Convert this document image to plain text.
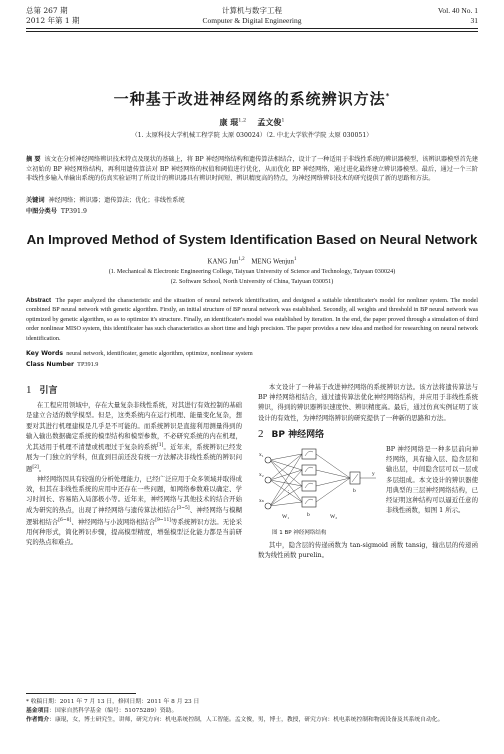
总第 267 期
2012 年第 1 期
计算机与数字工程
Computer & Digital Engineering
Vol. 40 No. 1
31
一种基于改进神经网络的系统辨识方法*
康 琨$^{1,2}$ 孟文俊$^1$
（1. 太原科技大学机械工程学院 太原 030024）（2. 中北大学软件学院 太原 030051）
摘 要 该文在分析神经网络辨识技术特点及现状的基础上，将 BP 神经网络结构和遗传算法相结合，设计了一种适用于非线性系统的辨识器模型，该辨识器模型首先建立初始的 BP 神经网络结构，再利用遗传算法对 BP 神经网络的权值和阈值进行优化，从而优化 BP 神经网络，通过进化最终建立辨识器模型。最后，通过一个三阶非线性多输入单输出系统的仿真实验证明了所设计的辨识器具有辨识时间短、辨识精度高的特点，为神经网络辨识技术的研究提供了新的思路和方法。
关键词 神经网络；辨识器；遗传算法；优化；非线性系统
中图分类号 TP391.9
An Improved Method of System Identification Based on Neural Network
KANG Jun$^{1,2}$ MENG Wenjun$^1$
(1. Mechanical & Electronic Engineering College, Taiyuan University of Science and Technology, Taiyuan 030024)
(2. Software School, North University of China, Taiyuan 030051)
Abstract The paper analyzed the characteristic and the situation of neural network identification, and designed a suitable identificater's model for nonliner system. The model combined BP neural network with genetic algorithm. Firstly, an initial structure of BP neural network was established. Secondly, all weights and threshold in BP neural network was optimized by genetic algorithm, so as to optimize it's structure. Finally, an identificater's model was established by iteration. In the end, the paper proved through a simulation of third order nonlinear MISO system, this identificater has such characteristics as short time and high precision. The paper provides a new idea and method for researching on neural network identification.
Key Words neural network, identificater, genetic algorithm, optimize, nonlinear system
Class Number TP391.9
1 引言
在工程应用领域中，存在大量复杂非线性系统，对其进行有效控制的基础是建立合适的数学模型。但是，这类系统内在运行机理、能量变化复杂，想要对其进行机理建模是几乎是不可能的。而系统辨识是直接利用测量得到的输入输出数据确定系统的模型结构和模型参数，不必研究系统的内在机理，尤其适用于机理不清楚或机理过于复杂的系统[1]。近年来，系统辨识已经发展为一门独立的学科，但直到目前还没有统一方法解决非线性系统的辨识问题[2]。
神经网络因具有较强的分析处理能力，已经广泛应用于众多领域并取得成效，但其在非线性系统的应用中还存在一些问题，如网络参数难以确定、学习时间长、容易陷入局部极小等。近年来，神经网络与其他技术的结合开始成为研究的热点，出现了神经网络与遗传算法相结合[3~5]、神经网络与模糊逻辑相结合[6~8]、神经网络与小波网络相结合[9~11]等系统辨识方法。无论采用何种形式，简化辨识步骤，提高模型精度，增强模型泛化能力都是当前研究的热点和难点。
本文设计了一种基于改进神经网络的系统辨识方法。该方法将遗传算法与 BP 神经网络相结合，通过遗传算法优化神经网络结构，并应用于非线性系统辨识，得到的辨识器辨识速度快、辨识精度高。最后，通过仿真实例证明了该设计的有效性，为神经网络辨识的研究提供了一种新的思路和方法。
2 BP 神经网络
x₁
x₂
xₙ
y
W₁	W₂
b
b
⋮
图 1 BP 神经网络结构
BP 神经网络是一种多层前向神经网络，具有输入层、隐含层和输出层，中间隐含层可以一层或多层组成。本文设计的辨识器使用典型的三层神经网络结构，已经证明这种结构可以逼近任意的非线性函数，如图 1 所示。
其中，隐含层的传递函数为 tan-sigmoid 函数 tansig，输出层的传递函数为线性函数 purelin。
* 收稿日期：2011 年 7 月 13 日，修回日期：2011 年 8 月 23 日
基金项目：国家自然科学基金（编号：51075289）资助。
作者简介：康琨，女，博士研究生，讲师，研究方向：机电系统控制，人工智能。孟文俊，男，博士，教授，研究方向：机电系统控制和物流设备及其系统自动化。
